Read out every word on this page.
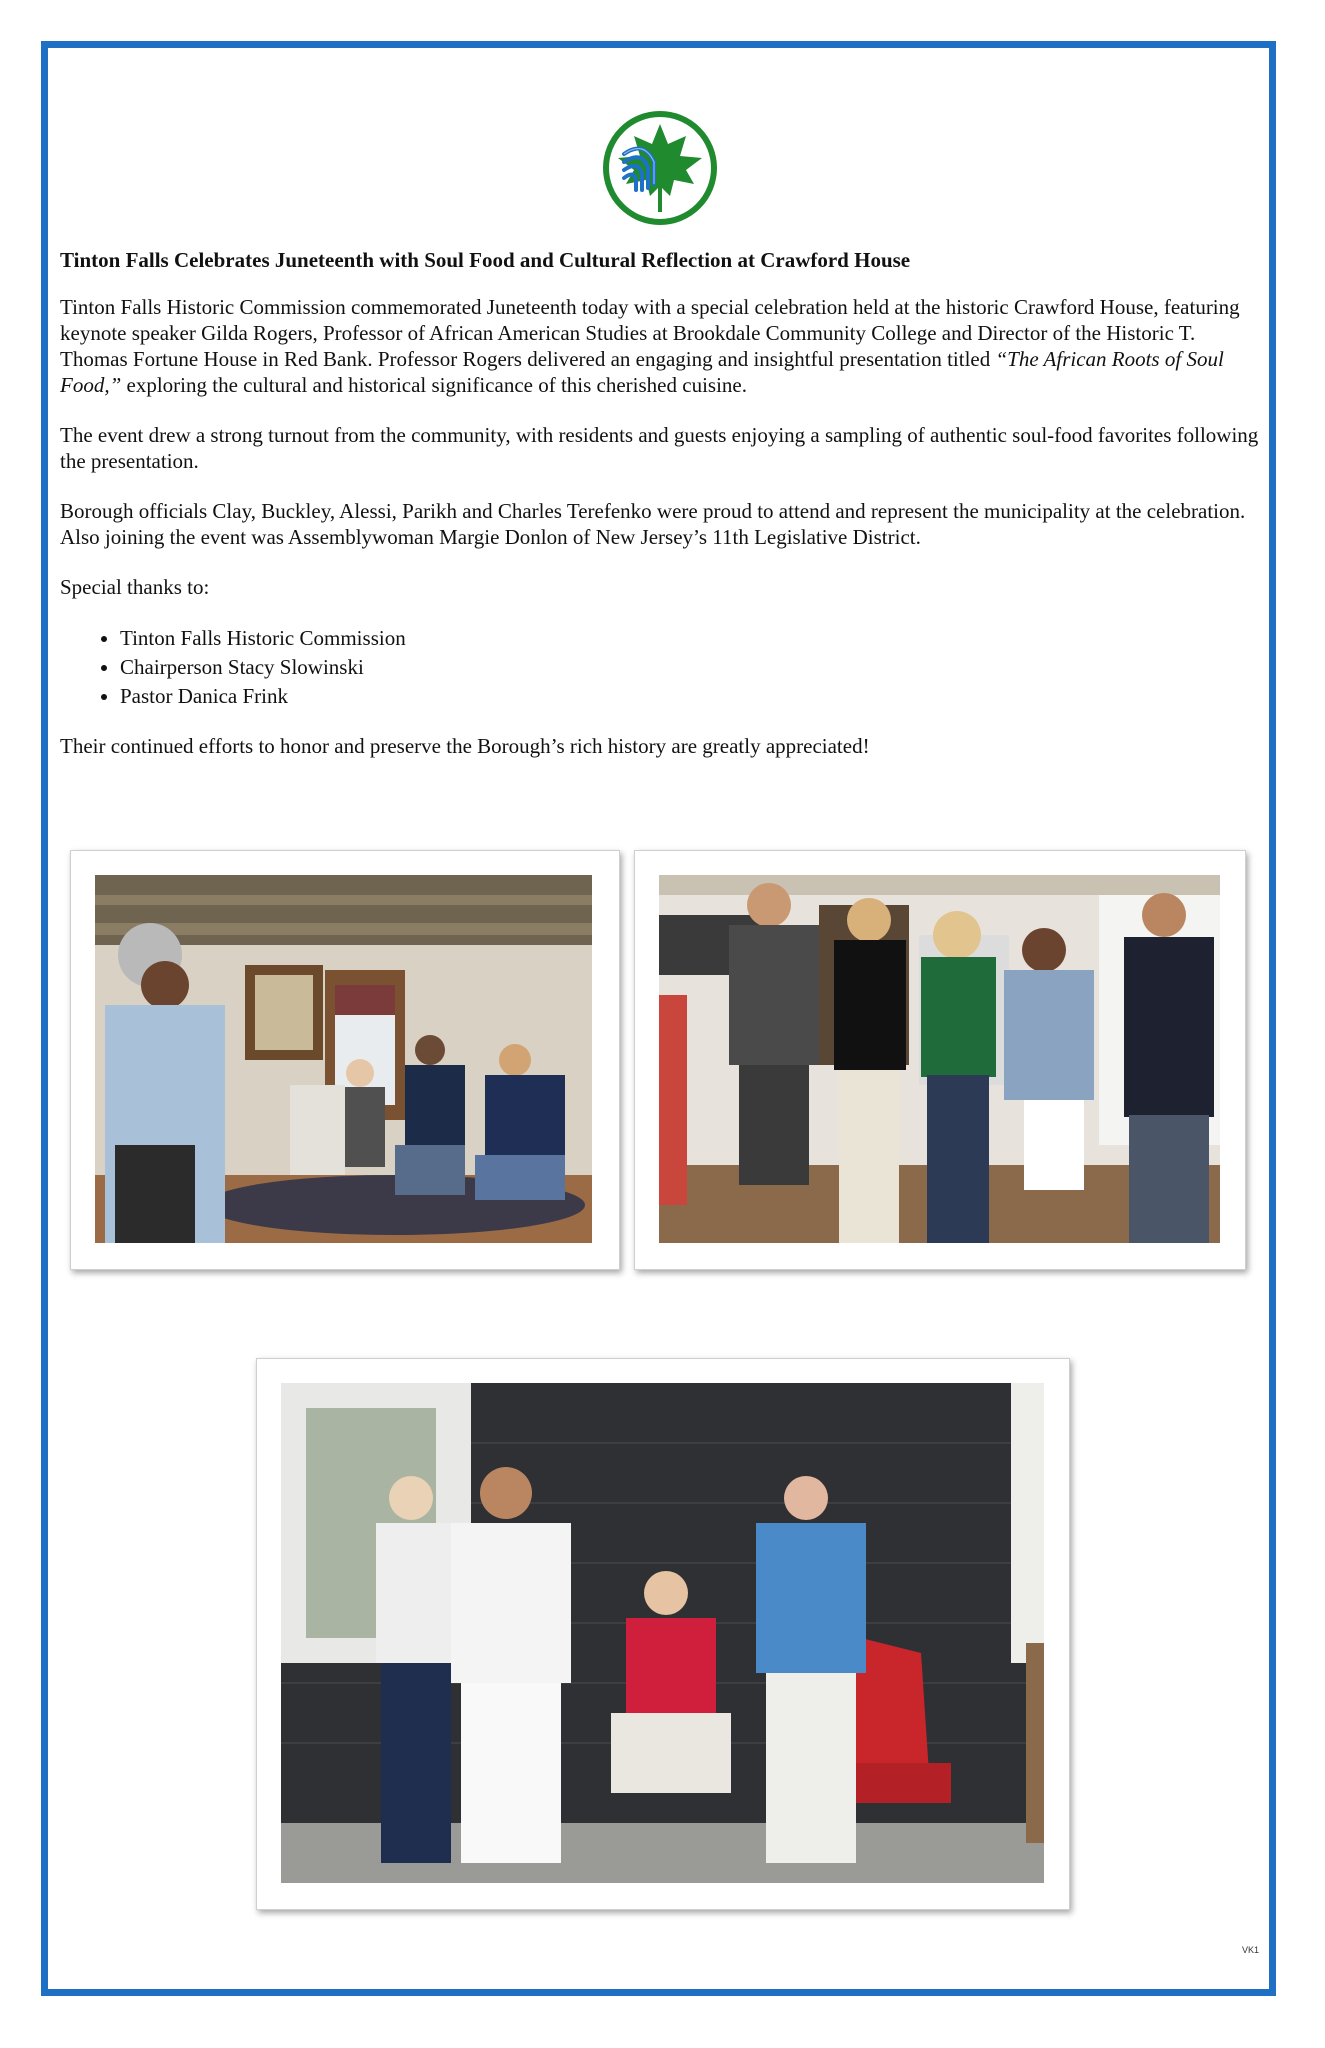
Tinton Falls Celebrates Juneteenth with Soul Food and Cultural Reflection at Crawford House

Tinton Falls Historic Commission commemorated Juneteenth today with a special celebration held at the historic Crawford House, featuring keynote speaker Gilda Rogers, Professor of African American Studies at Brookdale Community College and Director of the Historic T. Thomas Fortune House in Red Bank. Professor Rogers delivered an engaging and insightful presentation titled “The African Roots of Soul Food,” exploring the cultural and historical significance of this cherished cuisine.

The event drew a strong turnout from the community, with residents and guests enjoying a sampling of authentic soul-food favorites following the presentation.

Borough officials Clay, Buckley, Alessi, Parikh and Charles Terefenko were proud to attend and represent the municipality at the celebration. Also joining the event was Assemblywoman Margie Donlon of New Jersey’s 11th Legislative District.

Special thanks to:

• Tinton Falls Historic Commission
• Chairperson Stacy Slowinski
• Pastor Danica Frink

Their continued efforts to honor and preserve the Borough’s rich history are greatly appreciated!

VK1
